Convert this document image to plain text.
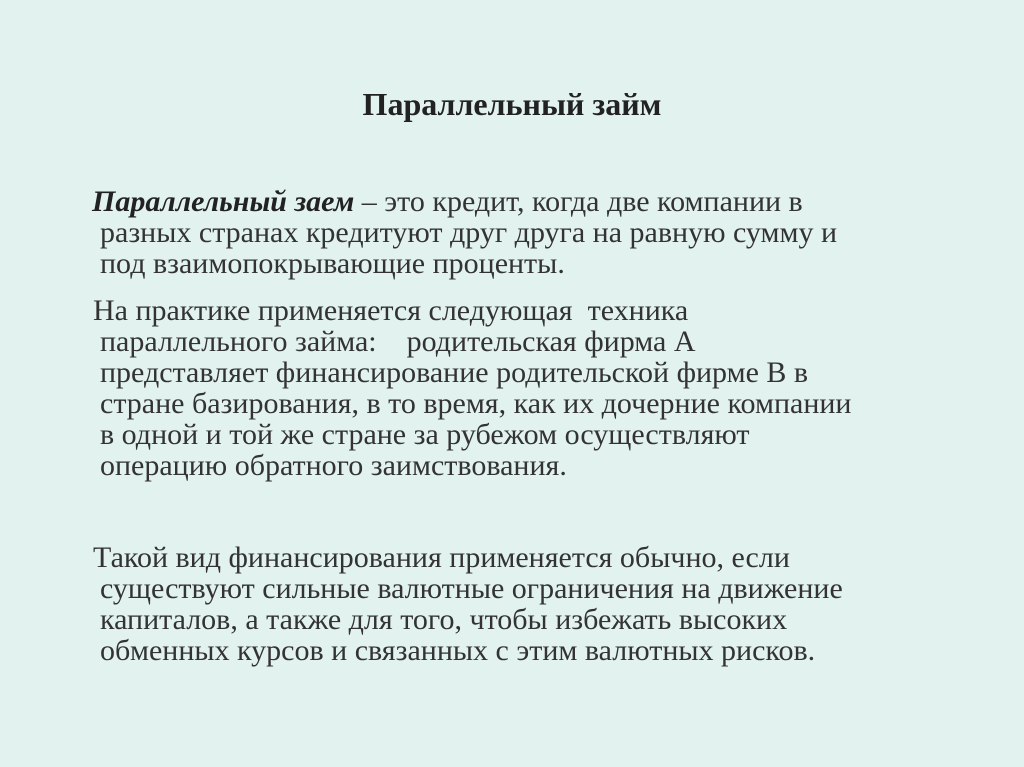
Параллельный займ
Параллельный заем – это кредит, когда две компании в
разных странах кредитуют друг друга на равную сумму и
под взаимопокрывающие проценты.
На практике применяется следующая  техника
параллельного займа:    родительская фирма А
представляет финансирование родительской фирме В в
стране базирования, в то время, как их дочерние компании
в одной и той же стране за рубежом осуществляют
операцию обратного заимствования.
Такой вид финансирования применяется обычно, если
существуют сильные валютные ограничения на движение
капиталов, а также для того, чтобы избежать высоких
обменных курсов и связанных с этим валютных рисков.
